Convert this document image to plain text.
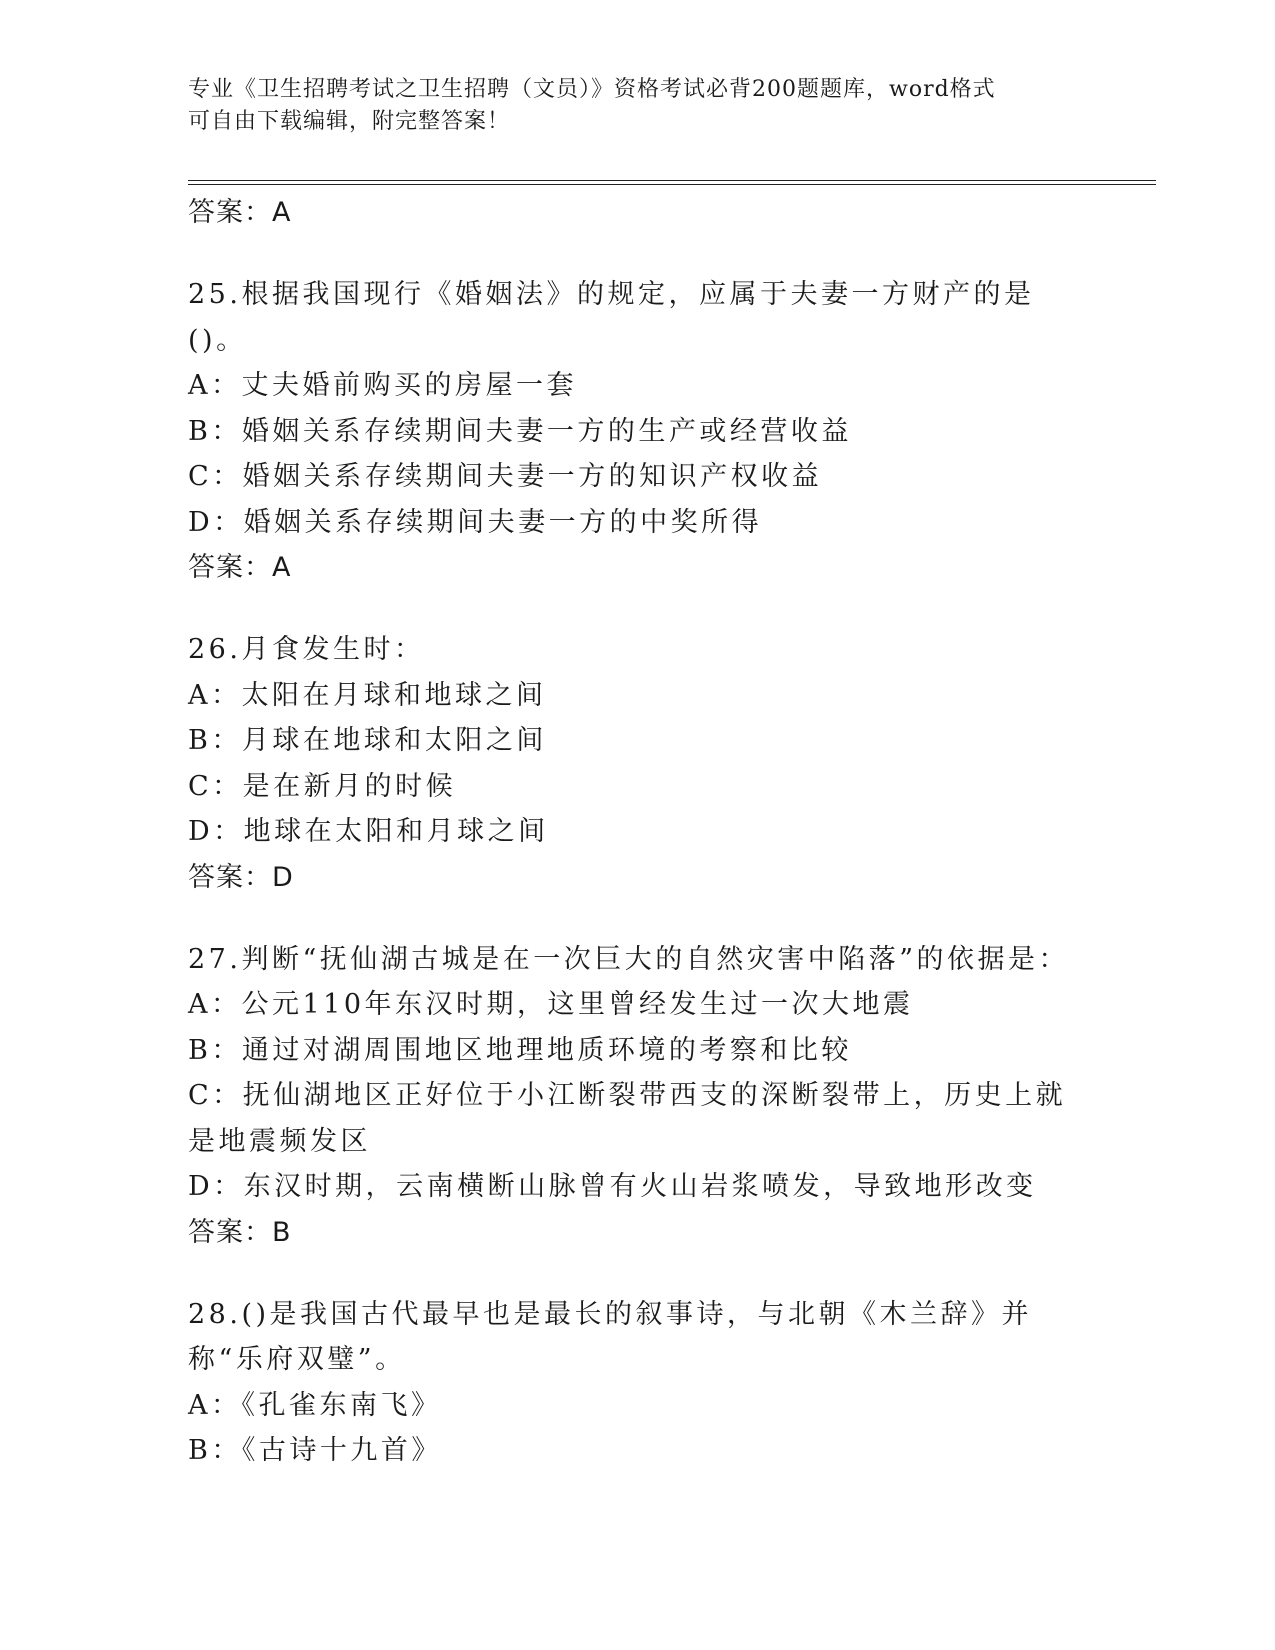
专业《卫生招聘考试之卫生招聘（文员）》资格考试必背200题题库，word格式
可自由下载编辑，附完整答案！
答案：A
25.根据我国现行《婚姻法》的规定，应属于夫妻一方财产的是()。
A：丈夫婚前购买的房屋一套
B：婚姻关系存续期间夫妻一方的生产或经营收益
C：婚姻关系存续期间夫妻一方的知识产权收益
D：婚姻关系存续期间夫妻一方的中奖所得
答案：A
26.月食发生时：
A：太阳在月球和地球之间
B：月球在地球和太阳之间
C：是在新月的时候
D：地球在太阳和月球之间
答案：D
27.判断“抚仙湖古城是在一次巨大的自然灾害中陷落”的依据是：
A：公元110年东汉时期，这里曾经发生过一次大地震
B：通过对湖周围地区地理地质环境的考察和比较
C：抚仙湖地区正好位于小江断裂带西支的深断裂带上，历史上就是地震频发区
D：东汉时期，云南横断山脉曾有火山岩浆喷发，导致地形改变
答案：B
28.()是我国古代最早也是最长的叙事诗，与北朝《木兰辞》并称“乐府双璧”。
A：《孔雀东南飞》
B：《古诗十九首》
